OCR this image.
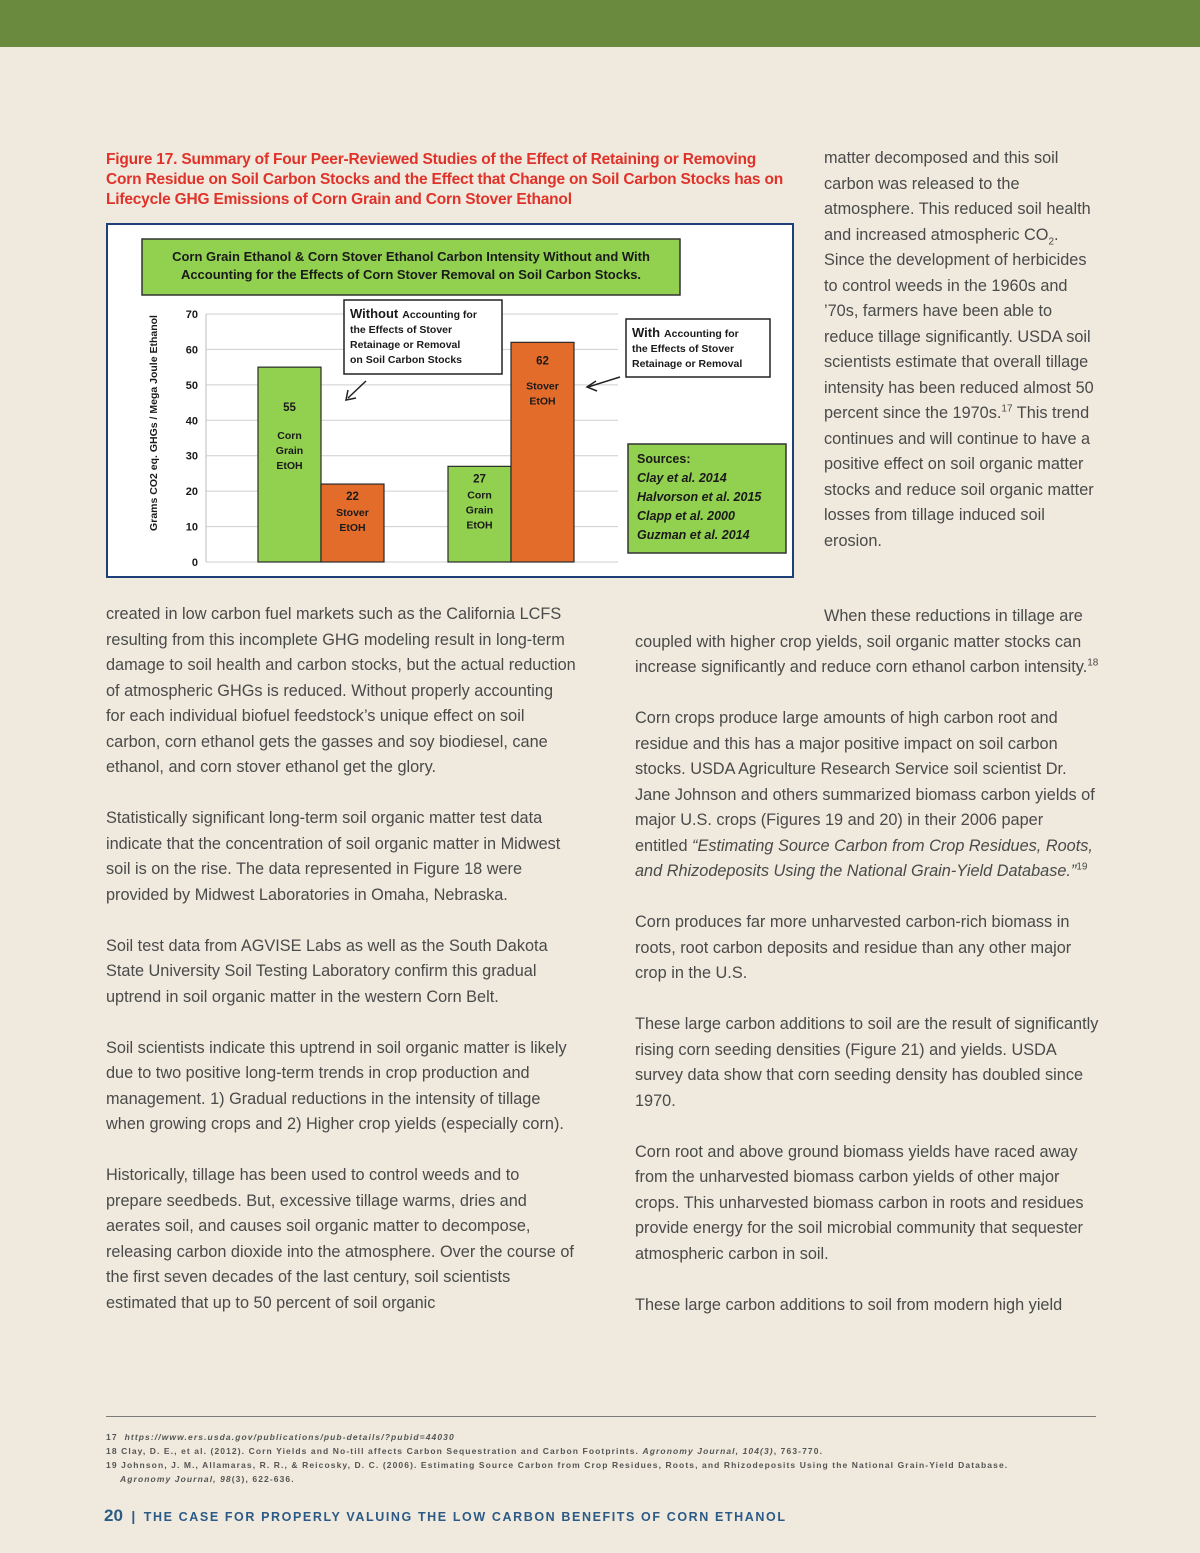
Figure 17. Summary of Four Peer-Reviewed Studies of the Effect of Retaining or Removing Corn Residue on Soil Carbon Stocks and the Effect that Change on Soil Carbon Stocks has on Lifecycle GHG Emissions of Corn Grain and Corn Stover Ethanol
Corn Grain Ethanol & Corn Stover Ethanol Carbon Intensity Without and With
Accounting for the Effects of Corn Stover Removal on Soil Carbon Stocks.
Grams CO2 eq. GHGs / Mega Joule Ethanol
0
10
20
30
40
50
60
70
55
Corn
Grain
EtOH
22
Stover
EtOH
27
Corn
Grain
EtOH
62
Stover
EtOH
Without Accounting for
the Effects of Stover
Retainage or Removal
on Soil Carbon Stocks
With Accounting for
the Effects of Stover
Retainage or Removal
Sources:
Clay et al. 2014
Halvorson et al. 2015
Clapp et al. 2000
Guzman et al. 2014

matter decomposed and this soil carbon was released to the atmosphere. This reduced soil health and increased atmospheric $CO_2$. Since the development of herbicides to control weeds in the 1960s and ’70s, farmers have been able to reduce tillage significantly. USDA soil scientists estimate that overall tillage intensity has been reduced almost 50 percent since the 1970s.$^{17}$ This trend continues and will continue to have a positive effect on soil organic matter stocks and reduce soil organic matter losses from tillage induced soil erosion.

created in low carbon fuel markets such as the California LCFS resulting from this incomplete GHG modeling result in long-term damage to soil health and carbon stocks, but the actual reduction of atmospheric GHGs is reduced. Without properly accounting for each individual biofuel feedstock’s unique effect on soil carbon, corn ethanol gets the gasses and soy biodiesel, cane ethanol, and corn stover ethanol get the glory.

Statistically significant long-term soil organic matter test data indicate that the concentration of soil organic matter in Midwest soil is on the rise. The data represented in Figure 18 were provided by Midwest Laboratories in Omaha, Nebraska.

Soil test data from AGVISE Labs as well as the South Dakota State University Soil Testing Laboratory confirm this gradual uptrend in soil organic matter in the western Corn Belt.

Soil scientists indicate this uptrend in soil organic matter is likely due to two positive long-term trends in crop production and management. 1) Gradual reductions in the intensity of tillage when growing crops and 2) Higher crop yields (especially corn).

Historically, tillage has been used to control weeds and to prepare seedbeds. But, excessive tillage warms, dries and aerates soil, and causes soil organic matter to decompose, releasing carbon dioxide into the atmosphere. Over the course of the first seven decades of the last century, soil scientists estimated that up to 50 percent of soil organic

When these reductions in tillage are coupled with higher crop yields, soil organic matter stocks can increase significantly and reduce corn ethanol carbon intensity.$^{18}$

Corn crops produce large amounts of high carbon root and residue and this has a major positive impact on soil carbon stocks. USDA Agriculture Research Service soil scientist Dr. Jane Johnson and others summarized biomass carbon yields of major U.S. crops (Figures 19 and 20) in their 2006 paper entitled “Estimating Source Carbon from Crop Residues, Roots, and Rhizodeposits Using the National Grain-Yield Database.”$^{19}$

Corn produces far more unharvested carbon-rich biomass in roots, root carbon deposits and residue than any other major crop in the U.S.

These large carbon additions to soil are the result of significantly rising corn seeding densities (Figure 21) and yields. USDA survey data show that corn seeding density has doubled since 1970.

Corn root and above ground biomass yields have raced away from the unharvested biomass carbon yields of other major crops. This unharvested biomass carbon in roots and residues provide energy for the soil microbial community that sequester atmospheric carbon in soil.

These large carbon additions to soil from modern high yield

17 https://www.ers.usda.gov/publications/pub-details/?pubid=44030
18 Clay, D. E., et al. (2012). Corn Yields and No-till affects Carbon Sequestration and Carbon Footprints. Agronomy Journal, 104(3), 763-770.
19 Johnson, J. M., Allamaras, R. R., & Reicosky, D. C. (2006). Estimating Source Carbon from Crop Residues, Roots, and Rhizodeposits Using the National Grain-Yield Database.
Agronomy Journal, 98(3), 622-636.
20 | THE CASE FOR PROPERLY VALUING THE LOW CARBON BENEFITS OF CORN ETHANOL
